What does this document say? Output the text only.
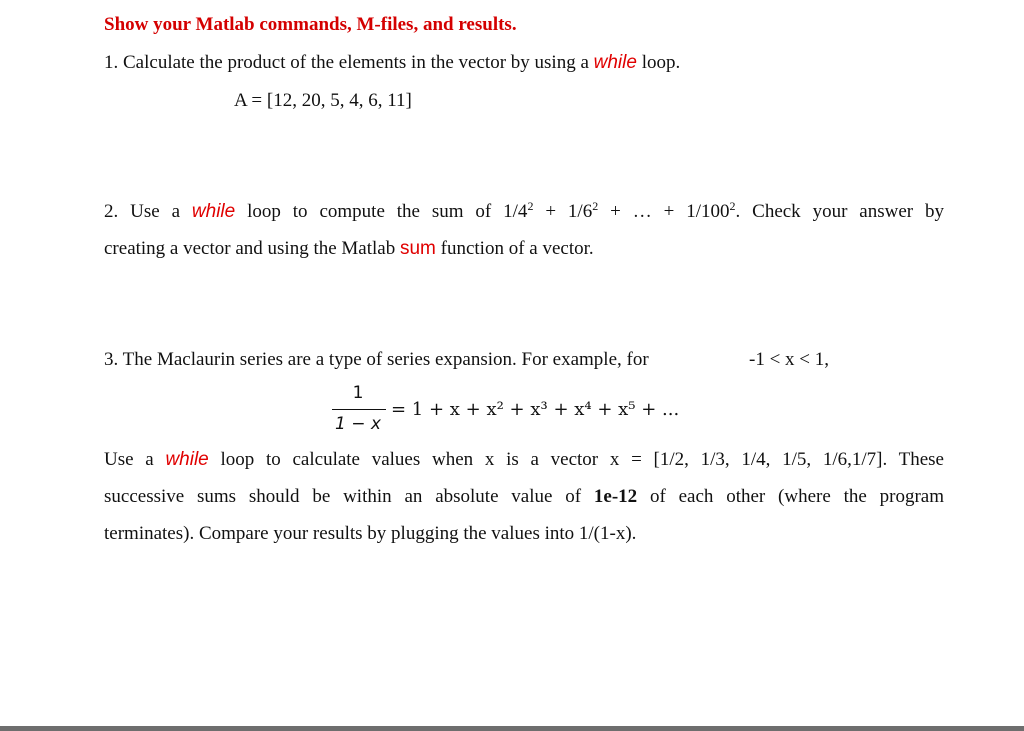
Show your Matlab commands, M-files, and results.
1. Calculate the product of the elements in the vector by using a while loop.
A = [12, 20, 5, 4, 6, 11]
2. Use a while loop to compute the sum of $1/4^2 + 1/6^2$ + … + $1/100^2$. Check your answer by
creating a vector and using the Matlab sum function of a vector.
3. The Maclaurin series are a type of series expansion. For example, for	-1 < x < 1,
1
1 − x
= 1 + x + x² + x³ + x⁴ + x⁵ + ...
Use a while loop to calculate values when x is a vector x = [1/2, 1/3, 1/4, 1/5, 1/6,1/7]. These
successive sums should be within an absolute value of 1e-12 of each other (where the program
terminates). Compare your results by plugging the values into 1/(1-x).
